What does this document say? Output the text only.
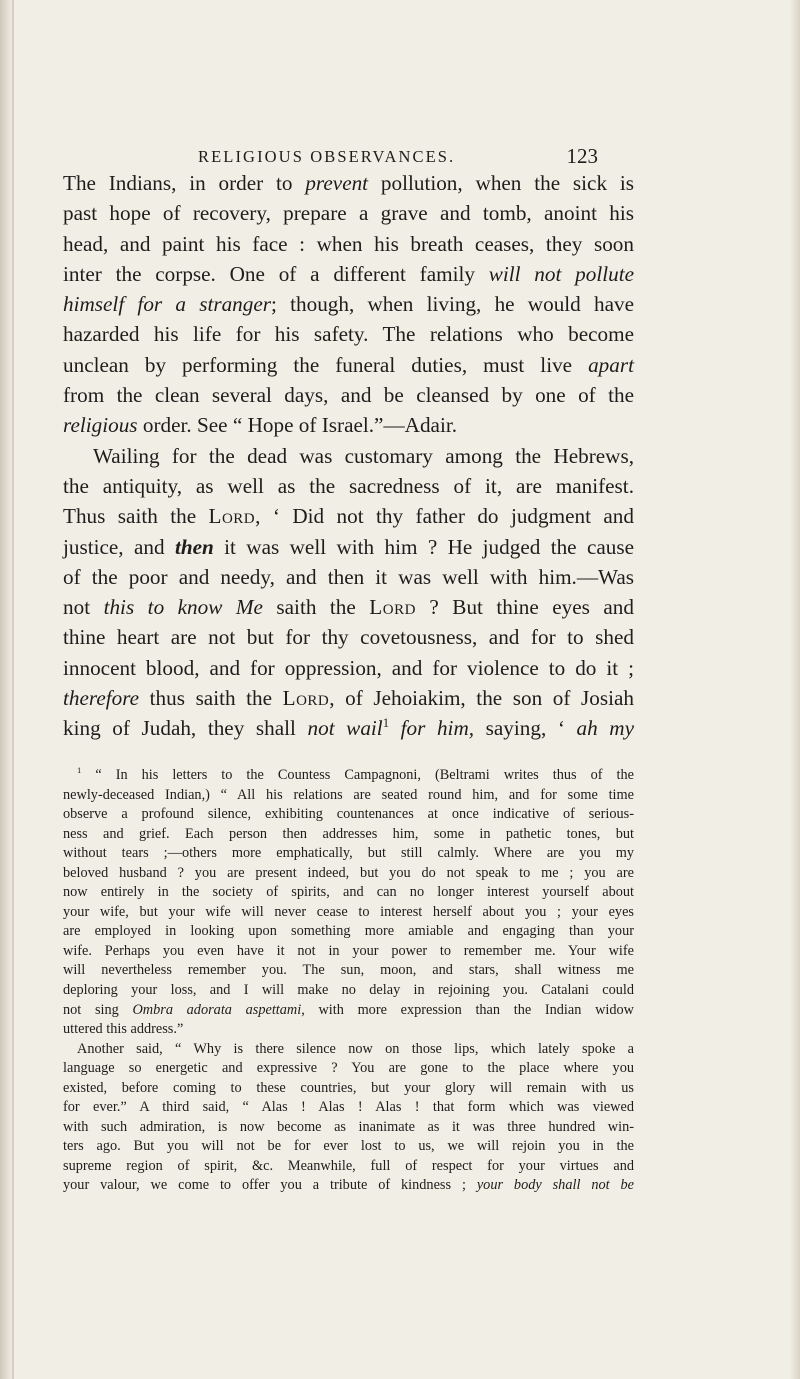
RELIGIOUS OBSERVANCES.	123

The Indians, in order to prevent pollution, when the sick is
past hope of recovery, prepare a grave and tomb, anoint his
head, and paint his face : when his breath ceases, they soon
inter the corpse. One of a different family will not pollute
himself for a stranger; though, when living, he would have
hazarded his life for his safety. The relations who become
unclean by performing the funeral duties, must live apart
from the clean several days, and be cleansed by one of the
religious order. See “ Hope of Israel.”—Adair.

Wailing for the dead was customary among the Hebrews,
the antiquity, as well as the sacredness of it, are manifest.
Thus saith the Lord, ‘ Did not thy father do judgment and
justice, and then it was well with him ? He judged the cause
of the poor and needy, and then it was well with him.—Was
not this to know Me saith the Lord ? But thine eyes and
thine heart are not but for thy covetousness, and for to shed
innocent blood, and for oppression, and for violence to do it ;
therefore thus saith the Lord, of Jehoiakim, the son of Josiah
king of Judah, they shall not wail$^1$ for him, saying, ‘ ah my

$^1$ “ In his letters to the Countess Campagnoni, (Beltrami writes thus of the
newly-deceased Indian,) “ All his relations are seated round him, and for some time
observe a profound silence, exhibiting countenances at once indicative of serious-
ness and grief. Each person then addresses him, some in pathetic tones, but
without tears ;—others more emphatically, but still calmly. Where are you my
beloved husband ? you are present indeed, but you do not speak to me ; you are
now entirely in the society of spirits, and can no longer interest yourself about
your wife, but your wife will never cease to interest herself about you ; your eyes
are employed in looking upon something more amiable and engaging than your
wife. Perhaps you even have it not in your power to remember me. Your wife
will nevertheless remember you. The sun, moon, and stars, shall witness me
deploring your loss, and I will make no delay in rejoining you. Catalani could
not sing Ombra adorata aspettami, with more expression than the Indian widow
uttered this address.”

Another said, “ Why is there silence now on those lips, which lately spoke a
language so energetic and expressive ? You are gone to the place where you
existed, before coming to these countries, but your glory will remain with us
for ever.” A third said, “ Alas ! Alas ! Alas ! that form which was viewed
with such admiration, is now become as inanimate as it was three hundred win-
ters ago. But you will not be for ever lost to us, we will rejoin you in the
supreme region of spirit, &c. Meanwhile, full of respect for your virtues and
your valour, we come to offer you a tribute of kindness ; your body shall not be
